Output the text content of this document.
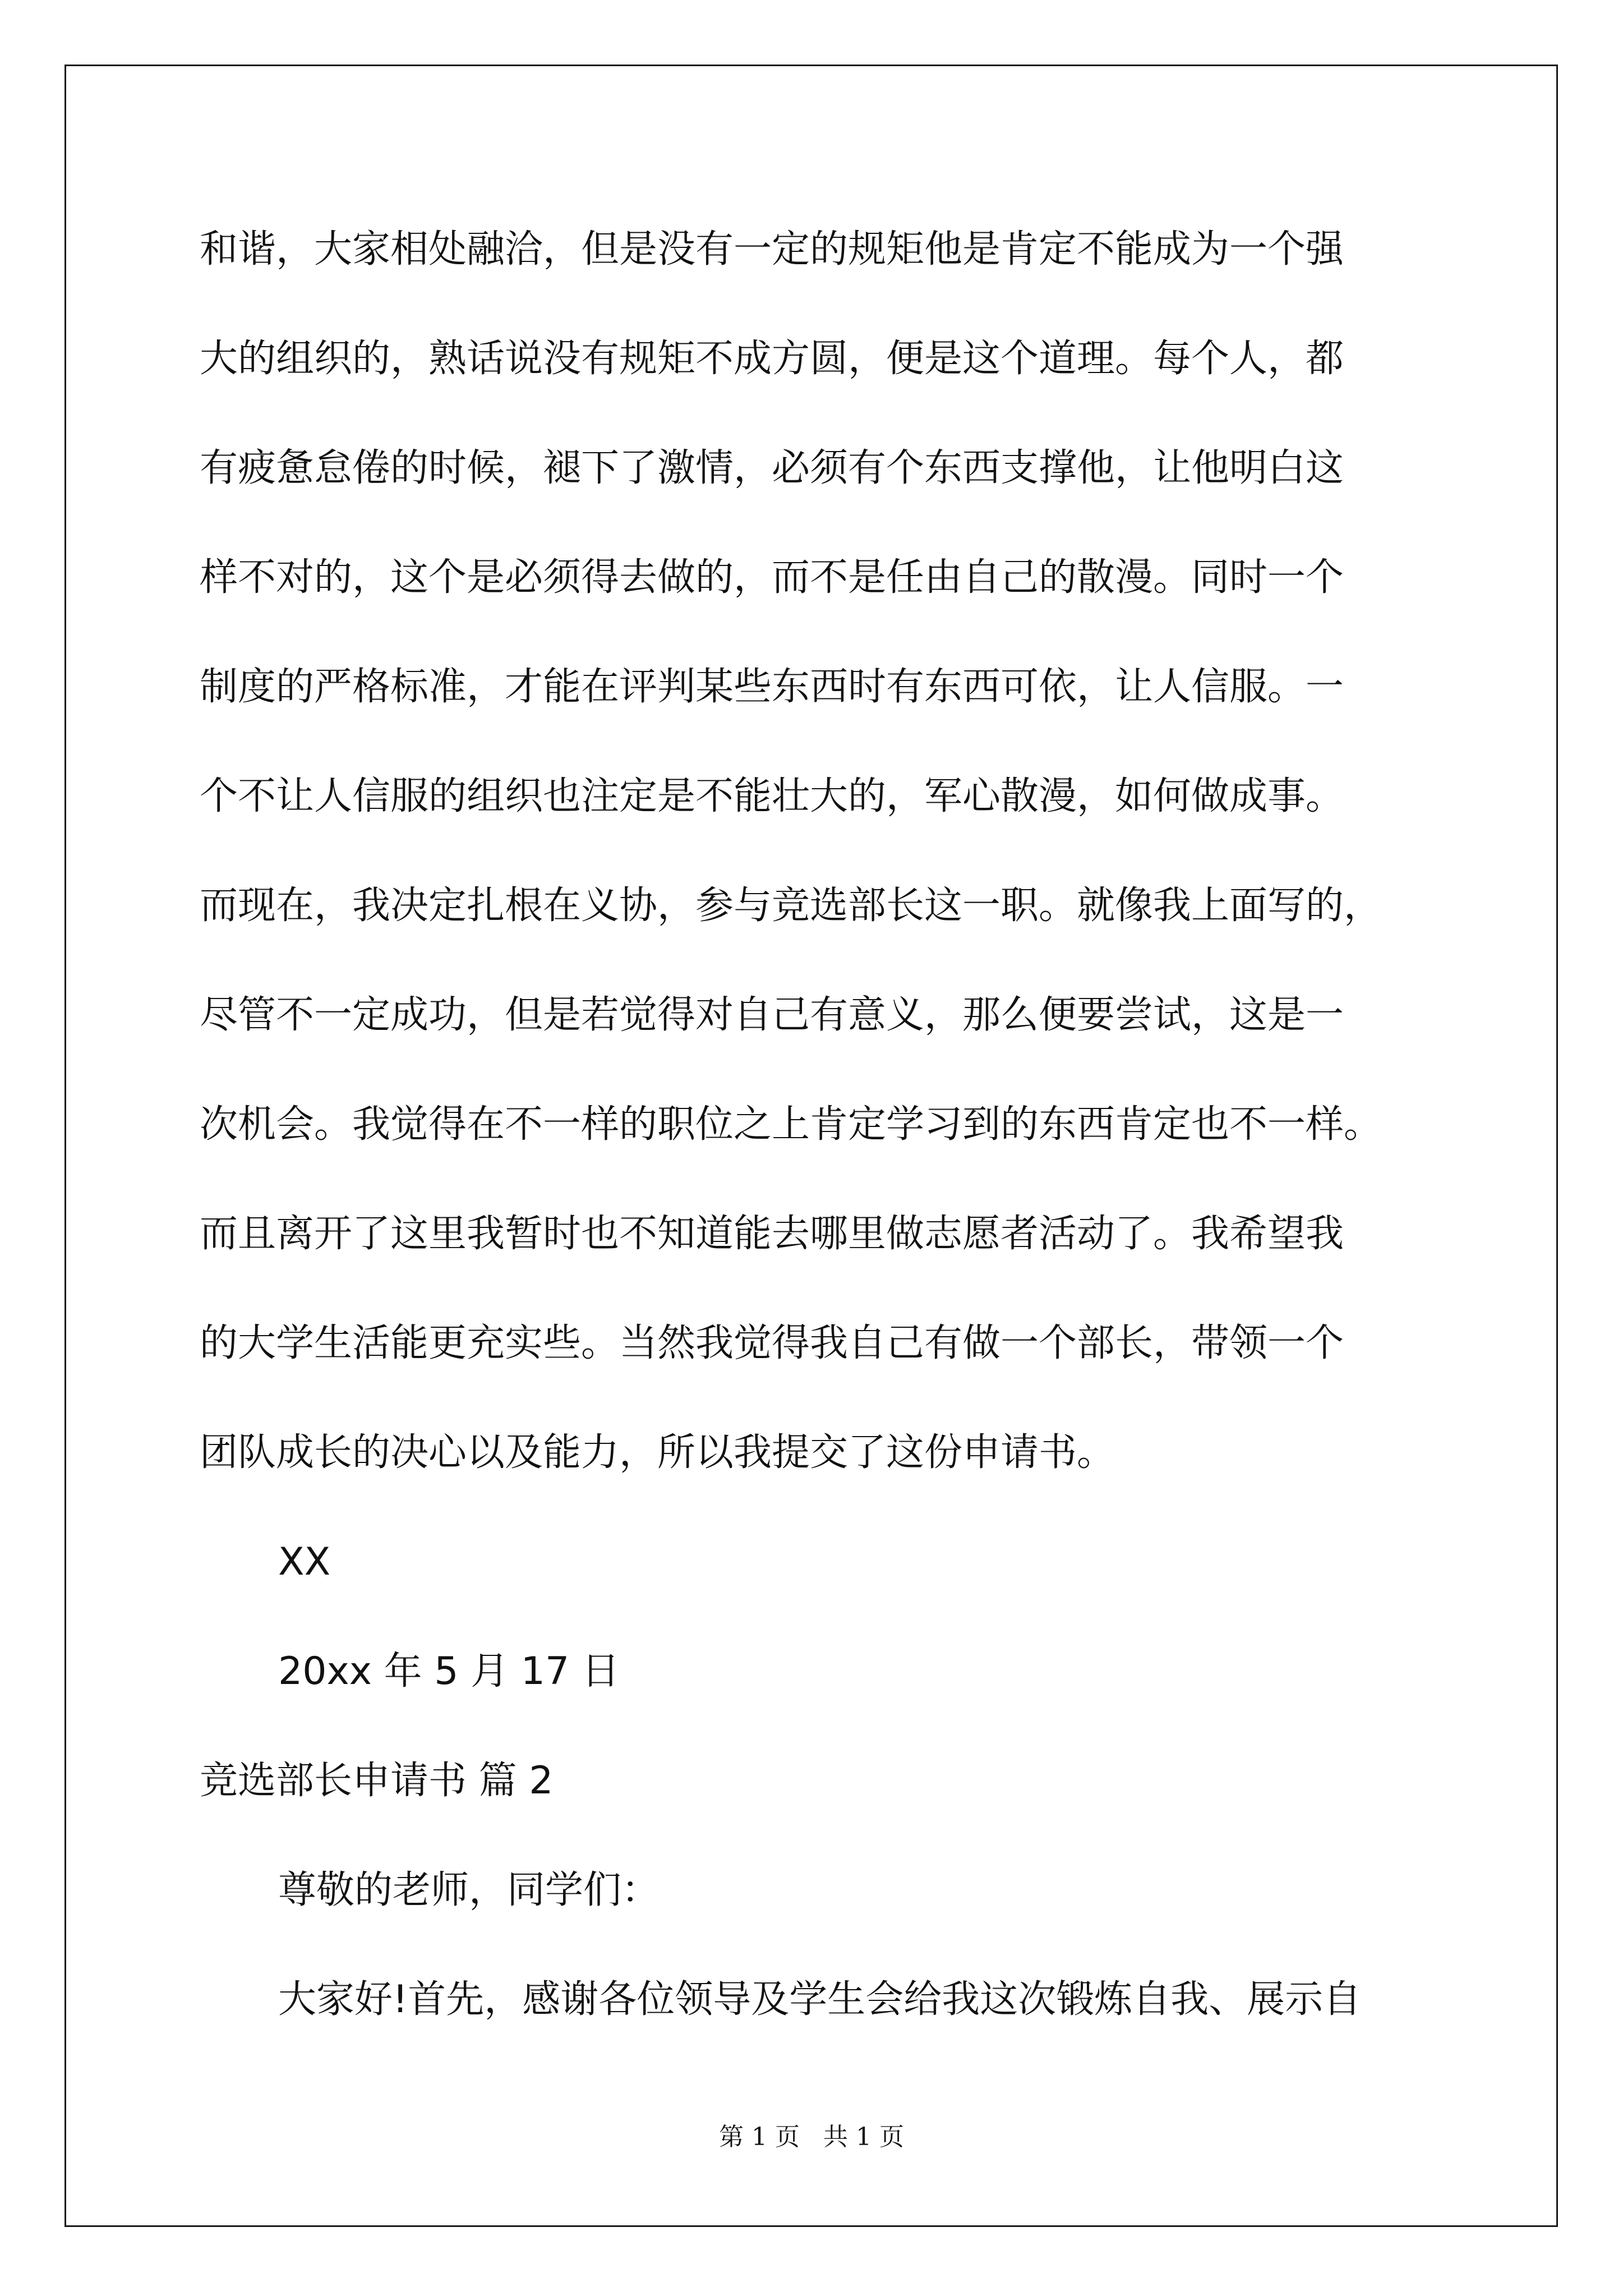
和谐，大家相处融洽，但是没有一定的规矩他是肯定不能成为一个强
大的组织的，熟话说没有规矩不成方圆，便是这个道理。每个人，都
有疲惫怠倦的时候，褪下了激情，必须有个东西支撑他，让他明白这
样不对的，这个是必须得去做的，而不是任由自己的散漫。同时一个
制度的严格标准，才能在评判某些东西时有东西可依，让人信服。一
个不让人信服的组织也注定是不能壮大的，军心散漫，如何做成事。
而现在，我决定扎根在义协，参与竞选部长这一职。就像我上面写的，
尽管不一定成功，但是若觉得对自己有意义，那么便要尝试，这是一
次机会。我觉得在不一样的职位之上肯定学习到的东西肯定也不一样。
而且离开了这里我暂时也不知道能去哪里做志愿者活动了。我希望我
的大学生活能更充实些。当然我觉得我自己有做一个部长，带领一个
团队成长的决心以及能力，所以我提交了这份申请书。
XX
20xx 年 5 月 17 日
竞选部长申请书 篇 2
尊敬的老师，同学们：
大家好!首先，感谢各位领导及学生会给我这次锻炼自我、展示自
第 1 页   共 1 页
